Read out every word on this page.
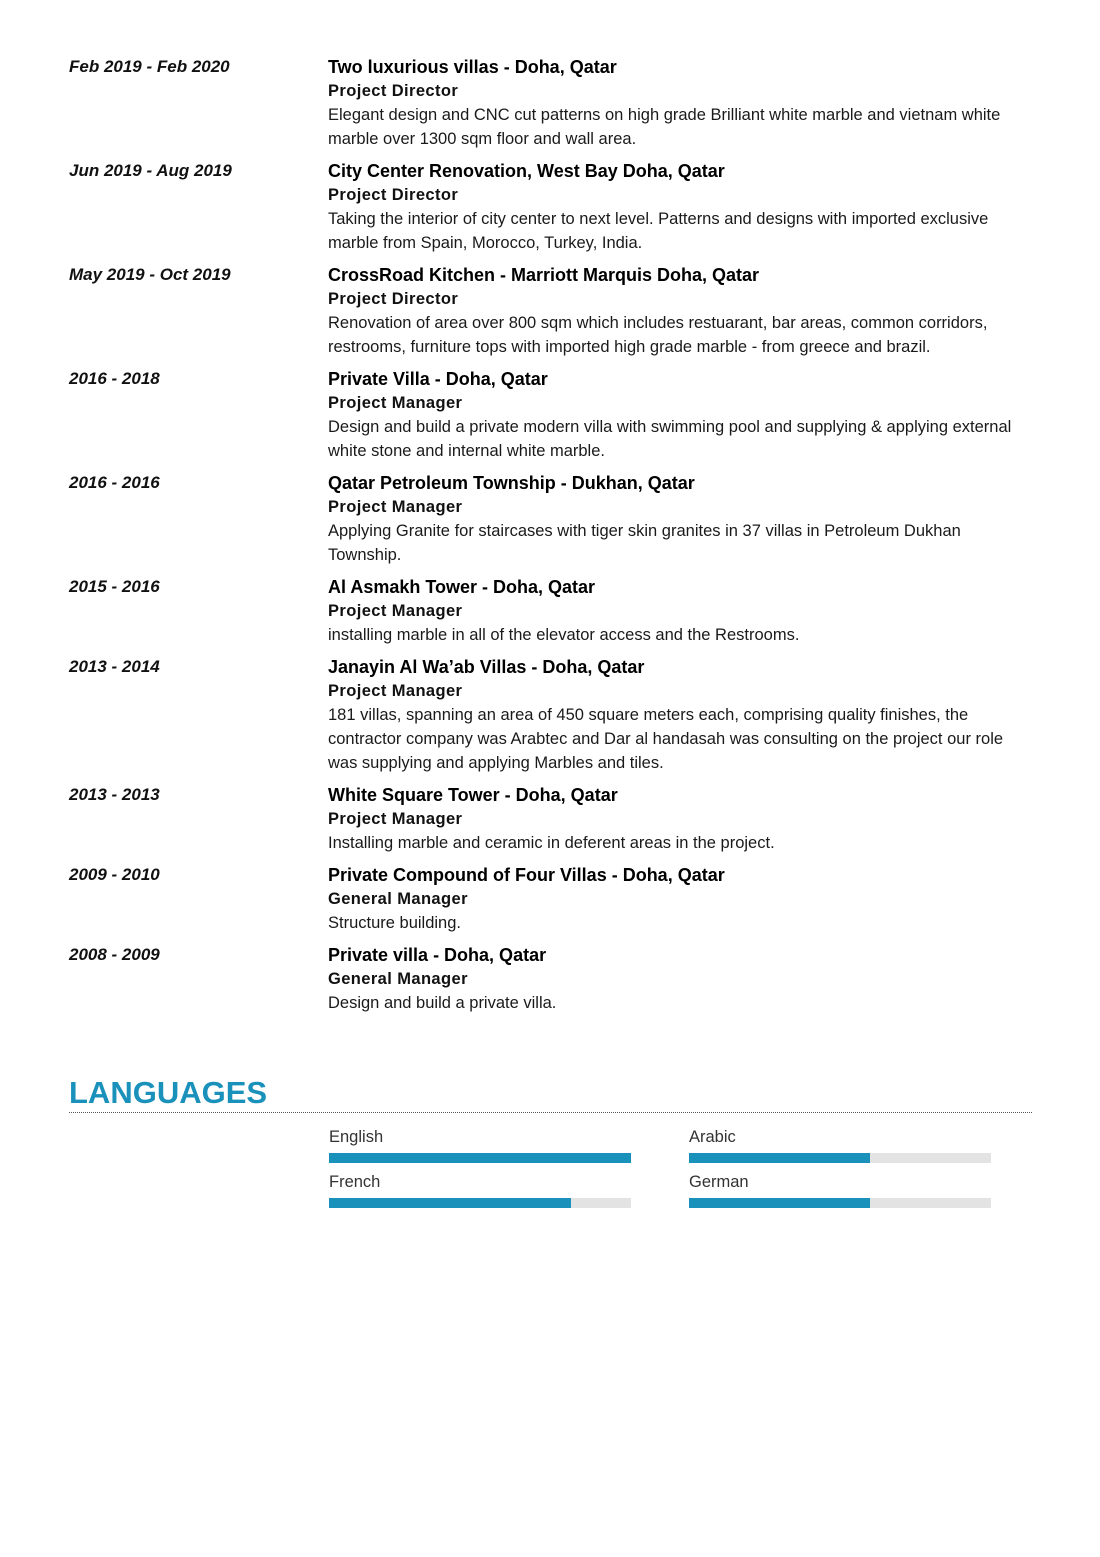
Feb 2019 - Feb 2020	Two luxurious villas - Doha, Qatar
Project Director
Elegant design and CNC cut patterns on high grade Brilliant white marble and vietnam white marble over 1300 sqm floor and wall area.
Jun 2019 - Aug 2019	City Center Renovation, West Bay Doha, Qatar
Project Director
Taking the interior of city center to next level. Patterns and designs with imported exclusive marble from Spain, Morocco, Turkey, India.
May 2019 - Oct 2019	CrossRoad Kitchen - Marriott Marquis Doha, Qatar
Project Director
Renovation of area over 800 sqm which includes restuarant, bar areas, common corridors, restrooms, furniture tops with imported high grade marble - from greece and brazil.
2016 - 2018	Private Villa - Doha, Qatar
Project Manager
Design and build a private modern villa with swimming pool and supplying & applying external white stone and internal white marble.
2016 - 2016	Qatar Petroleum Township - Dukhan, Qatar
Project Manager
Applying Granite for staircases with tiger skin granites in 37 villas in Petroleum Dukhan Township.
2015 - 2016	Al Asmakh Tower - Doha, Qatar
Project Manager
installing marble in all of the elevator access and the Restrooms.
2013 - 2014	Janayin Al Wa’ab Villas - Doha, Qatar
Project Manager
181 villas, spanning an area of 450 square meters each, comprising quality finishes, the contractor company was Arabtec and Dar al handasah was consulting on the project our role was supplying and applying Marbles and tiles.
2013 - 2013	White Square Tower - Doha, Qatar
Project Manager
Installing marble and ceramic in deferent areas in the project.
2009 - 2010	Private Compound of Four Villas - Doha, Qatar
General Manager
Structure building.
2008 - 2009	Private villa - Doha, Qatar
General Manager
Design and build a private villa.
LANGUAGES
English	Arabic
French	German
